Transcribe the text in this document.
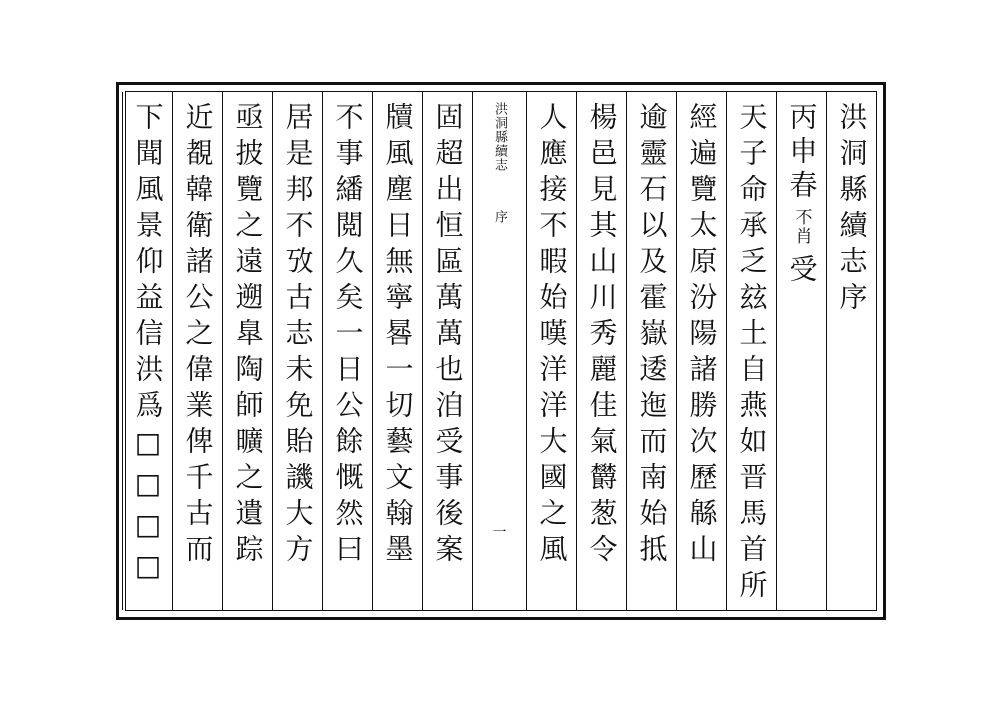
洪洞縣續志序
丙申春不肖受
天子命承乏玆土自燕如晋馬首所
經遍覽太原汾陽諸勝次歷緜山
逾靈石以及霍嶽逶迤而南始抵
楊邑見其山川秀麗佳氣欝葱令
人應接不暇始嘆洋洋大國之風
洪洞縣續志
序
一
固超出恒區萬萬也洎受事後案
牘風塵日無寧晷一切藝文翰墨
不事繙閲久矣一日公餘慨然曰
居是邦不攷古志未免貽譏大方
亟披覽之遠遡臯陶師曠之遺踪
近覩韓衛諸公之偉業俾千古而
下聞風景仰益信洪爲□□□□
